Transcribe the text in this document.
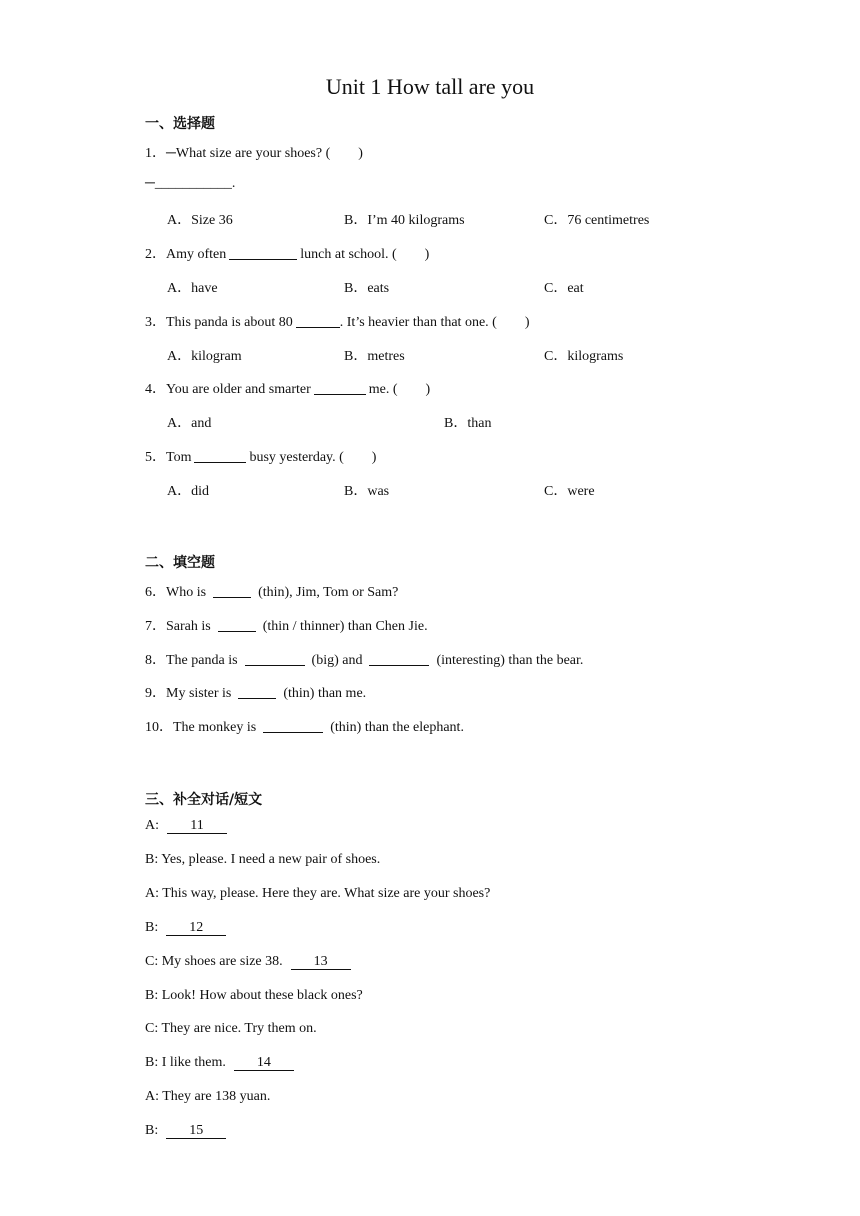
Unit 1 How tall are you
一、选择题
1．─What size are your shoes? (　　)
─___________.
A．Size 36	B．I’m 40 kilograms	C．76 centimetres
2．Amy often	lunch at school. (　　)
A．have	B．eats	C．eat
3．This panda is about 80	. It’s heavier than that one. (　　)
A．kilogram	B．metres	C．kilograms
4．You are older and smarter	me. (　　)
A．and	B．than
5．Tom	busy yesterday. (　　)
A．did	B．was	C．were
二、填空题
6．Who is	(thin), Jim, Tom or Sam?
7．Sarah is	(thin / thinner) than Chen Jie.
8．The panda is	(big) and	(interesting) than the bear.
9．My sister is	(thin) than me.
10．The monkey is	(thin) than the elephant.
三、补全对话/短文
A: 11
B: Yes, please. I need a new pair of shoes.
A: This way, please. Here they are. What size are your shoes?
B: 12
C: My shoes are size 38. 13
B: Look! How about these black ones?
C: They are nice. Try them on.
B: I like them. 14
A: They are 138 yuan.
B: 15
